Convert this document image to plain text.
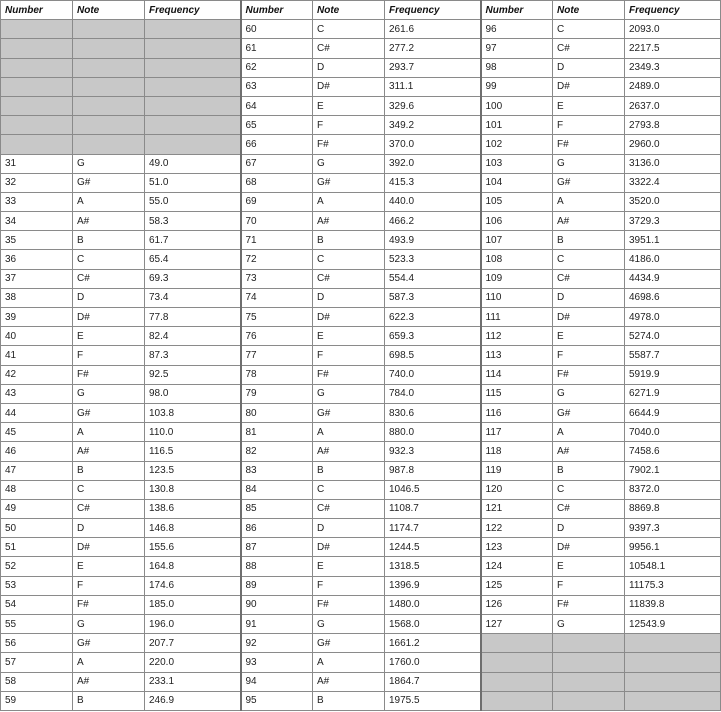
Number	Note	Frequency	Number	Note	Frequency	Number	Note	Frequency
			60	C	261.6	96	C	2093.0
			61	C#	277.2	97	C#	2217.5
			62	D	293.7	98	D	2349.3
			63	D#	311.1	99	D#	2489.0
			64	E	329.6	100	E	2637.0
			65	F	349.2	101	F	2793.8
			66	F#	370.0	102	F#	2960.0
31	G	49.0	67	G	392.0	103	G	3136.0
32	G#	51.0	68	G#	415.3	104	G#	3322.4
33	A	55.0	69	A	440.0	105	A	3520.0
34	A#	58.3	70	A#	466.2	106	A#	3729.3
35	B	61.7	71	B	493.9	107	B	3951.1
36	C	65.4	72	C	523.3	108	C	4186.0
37	C#	69.3	73	C#	554.4	109	C#	4434.9
38	D	73.4	74	D	587.3	110	D	4698.6
39	D#	77.8	75	D#	622.3	111	D#	4978.0
40	E	82.4	76	E	659.3	112	E	5274.0
41	F	87.3	77	F	698.5	113	F	5587.7
42	F#	92.5	78	F#	740.0	114	F#	5919.9
43	G	98.0	79	G	784.0	115	G	6271.9
44	G#	103.8	80	G#	830.6	116	G#	6644.9
45	A	110.0	81	A	880.0	117	A	7040.0
46	A#	116.5	82	A#	932.3	118	A#	7458.6
47	B	123.5	83	B	987.8	119	B	7902.1
48	C	130.8	84	C	1046.5	120	C	8372.0
49	C#	138.6	85	C#	1108.7	121	C#	8869.8
50	D	146.8	86	D	1174.7	122	D	9397.3
51	D#	155.6	87	D#	1244.5	123	D#	9956.1
52	E	164.8	88	E	1318.5	124	E	10548.1
53	F	174.6	89	F	1396.9	125	F	11175.3
54	F#	185.0	90	F#	1480.0	126	F#	11839.8
55	G	196.0	91	G	1568.0	127	G	12543.9
56	G#	207.7	92	G#	1661.2			
57	A	220.0	93	A	1760.0			
58	A#	233.1	94	A#	1864.7			
59	B	246.9	95	B	1975.5			
